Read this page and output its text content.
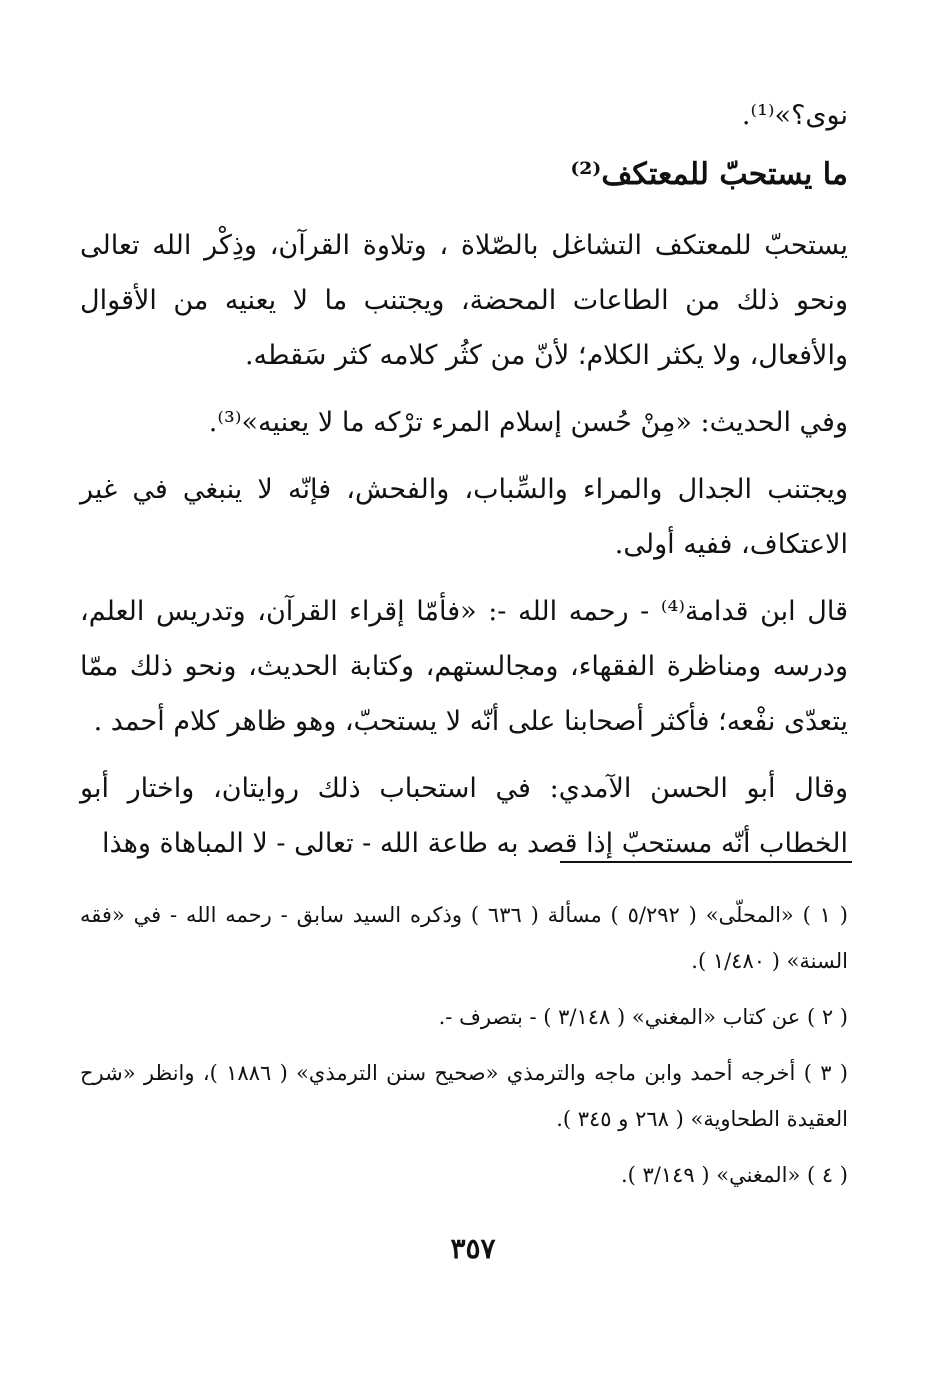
نوى؟»⁽¹⁾.
ما يستحبّ للمعتكف⁽²⁾

يستحبّ للمعتكف التشاغل بالصّلاة ، وتلاوة القرآن، وذِكْر الله تعالى ونحو ذلك من الطاعات المحضة، ويجتنب ما لا يعنيه من الأقوال والأفعال، ولا يكثر الكلام؛ لأنّ من كثُر كلامه كثر سَقطه.

وفي الحديث: «مِنْ حُسن إسلام المرء ترْكه ما لا يعنيه»⁽³⁾.

ويجتنب الجدال والمراء والسِّباب، والفحش، فإنّه لا ينبغي في غير الاعتكاف، ففيه أولى.

قال ابن قدامة⁽⁴⁾ - رحمه الله -: «فأمّا إقراء القرآن، وتدريس العلم، ودرسه ومناظرة الفقهاء، ومجالستهم، وكتابة الحديث، ونحو ذلك ممّا يتعدّى نفْعه؛ فأكثر أصحابنا على أنّه لا يستحبّ، وهو ظاهر كلام أحمد .

وقال أبو الحسن الآمدي: في استحباب ذلك روايتان، واختار أبو الخطاب أنّه مستحبّ إذا قصد به طاعة الله - تعالى - لا المباهاة وهذا

( ١ ) «المحلّى» ( ٥/٢٩٢ ) مسألة ( ٦٣٦ ) وذكره السيد سابق - رحمه الله - في «فقه السنة» ( ١/٤٨٠ ).

( ٢ ) عن كتاب «المغني» ( ٣/١٤٨ ) - بتصرف -.

( ٣ ) أخرجه أحمد وابن ماجه والترمذي «صحيح سنن الترمذي» ( ١٨٨٦ )، وانظر «شرح العقيدة الطحاوية» ( ٢٦٨ و ٣٤٥ ).

( ٤ ) «المغني» ( ٣/١٤٩ ).

٣٥٧
